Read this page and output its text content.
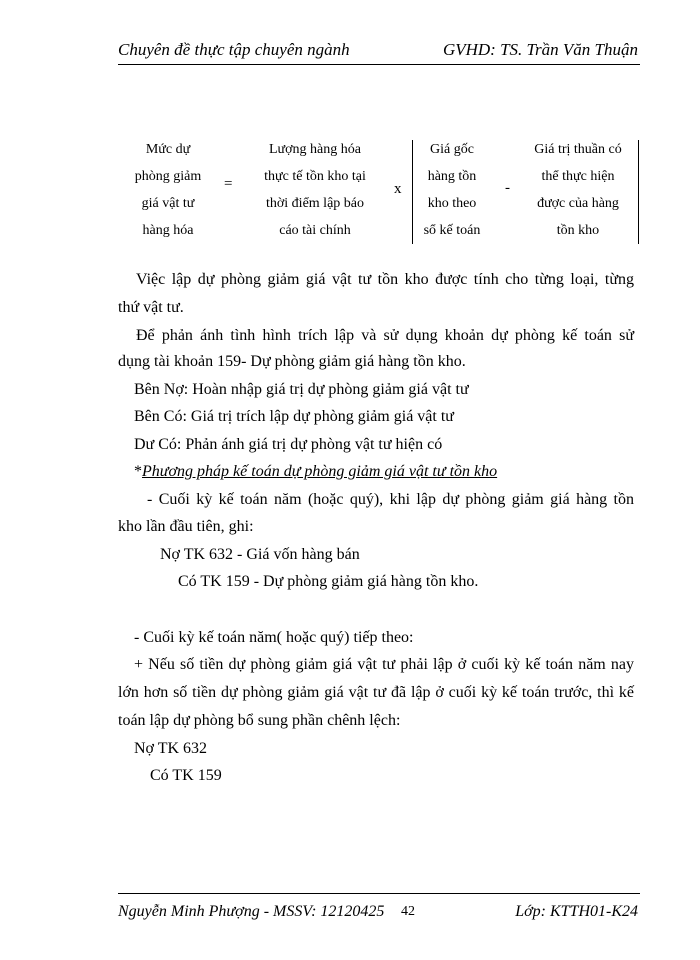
Chuyên đề thực tập chuyên ngành	GVHD: TS. Trần Văn Thuận
Mức dự
phòng giảm
giá vật tư
hàng hóa
=
Lượng hàng hóa
thực tế tồn kho tại
thời điểm lập báo
cáo tài chính
x
Giá gốc
hàng tồn
kho theo
sổ kế toán
-
Giá trị thuần có
thể thực hiện
được của hàng
tồn kho
Việc lập dự phòng giảm giá vật tư tồn kho được tính cho từng loại, từng
thứ vật tư.
Để phản ánh tình hình trích lập và sử dụng khoản dự phòng kế toán sử
dụng tài khoản 159- Dự phòng giảm giá hàng tồn kho.
Bên Nợ: Hoàn nhập giá trị dự phòng giảm giá vật tư
Bên Có: Giá trị trích lập dự phòng giảm giá vật tư
Dư Có: Phản ánh giá trị dự phòng vật tư hiện có
*Phương pháp kế toán dự phòng giảm giá vật tư tồn kho
- Cuối kỳ kế toán năm (hoặc quý), khi lập dự phòng giảm giá hàng tồn
kho lần đầu tiên, ghi:
Nợ TK 632 - Giá vốn hàng bán
Có TK 159 - Dự phòng giảm giá hàng tồn kho.
- Cuối kỳ kế toán năm( hoặc quý) tiếp theo:
+ Nếu số tiền dự phòng giảm giá vật tư phải lập ở cuối kỳ kế toán năm nay
lớn hơn số tiền dự phòng giảm giá vật tư đã lập ở cuối kỳ kế toán trước, thì kế
toán lập dự phòng bổ sung phần chênh lệch:
Nợ TK 632
Có TK 159
Nguyễn Minh Phượng - MSSV: 12120425 42	Lớp: KTTH01-K24
